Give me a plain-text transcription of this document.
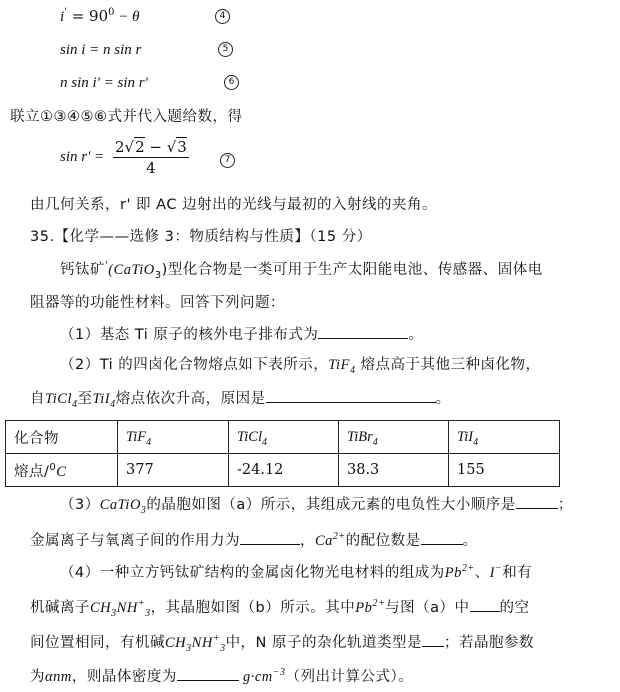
$i' = 90^0 - \theta$	4
sin i = n sin r	5
n sin i' = sin r'	6
联立①③④⑤⑥式并代入题给数，得
$\sin r' = \frac{2√2 - √3}{4}$	7
由几何关系，r' 即 AC 边射出的光线与最初的入射线的夹角。
35.【化学——选修 3：物质结构与性质】（15 分）
钙钛矿'(CaTiO$_3$)型化合物是一类可用于生产太阳能电池、传感器、固体电
阻器等的功能性材料。回答下列问题：
（1）基态 Ti 原子的核外电子排布式为	。
（2）Ti 的四卤化合物熔点如下表所示，TiF$_4$ 熔点高于其他三种卤化物，
自TiCl$_4$至TiI$_4$熔点依次升高，原因是	。
化合物	TiF$_4$	TiCl$_4$	TiBr$_4$	TiI$_4$
熔点/$^0$C	377	-24.12	38.3	155
（3）CaTiO$_3$的晶胞如图（a）所示，其组成元素的电负性大小顺序是	；
金属离子与氧离子间的作用力为	，$Ca^{2+}$的配位数是	。
（4）一种立方钙钛矿结构的金属卤化物光电材料的组成为$Pb^{2+}$、I−和有
机碱离子$CH_3NH^+_3$，其晶胞如图（b）所示。其中$Pb^{2+}$与图（a）中 的空
间位置相同，有机碱$CH_3NH^+_3$中，N 原子的杂化轨道类型是 ；若晶胞参数
为αnm，则晶体密度为	$g\cdot cm^{-3}$（列出计算公式）。
